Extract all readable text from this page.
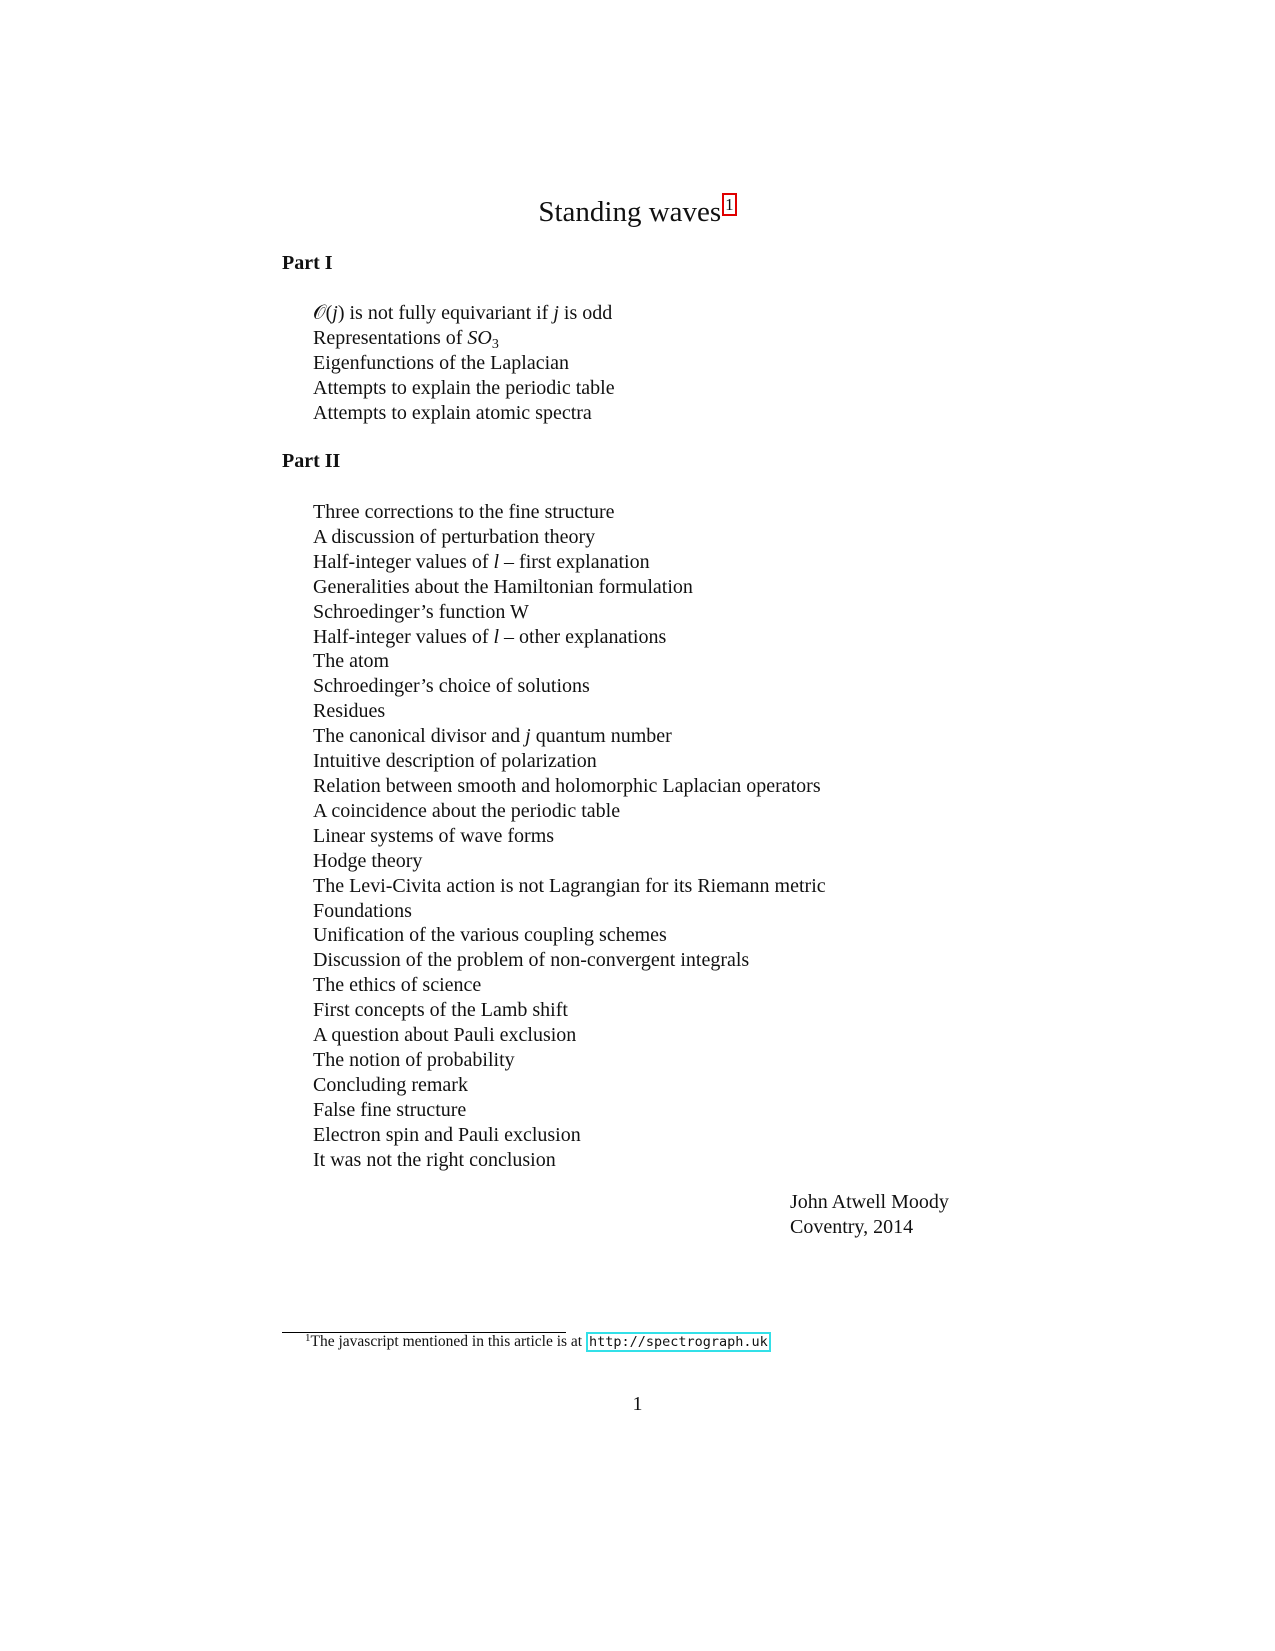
Standing waves 1
Part I
𝒪(j) is not fully equivariant if j is odd
Representations of $SO_3$
Eigenfunctions of the Laplacian
Attempts to explain the periodic table
Attempts to explain atomic spectra
Part II
Three corrections to the fine structure
A discussion of perturbation theory
Half-integer values of l – first explanation
Generalities about the Hamiltonian formulation
Schroedinger’s function W
Half-integer values of l – other explanations
The atom
Schroedinger’s choice of solutions
Residues
The canonical divisor and j quantum number
Intuitive description of polarization
Relation between smooth and holomorphic Laplacian operators
A coincidence about the periodic table
Linear systems of wave forms
Hodge theory
The Levi-Civita action is not Lagrangian for its Riemann metric
Foundations
Unification of the various coupling schemes
Discussion of the problem of non-convergent integrals
The ethics of science
First concepts of the Lamb shift
A question about Pauli exclusion
The notion of probability
Concluding remark
False fine structure
Electron spin and Pauli exclusion
It was not the right conclusion
John Atwell Moody
Coventry, 2014
$^1$The javascript mentioned in this article is at http://spectrograph.uk
1
